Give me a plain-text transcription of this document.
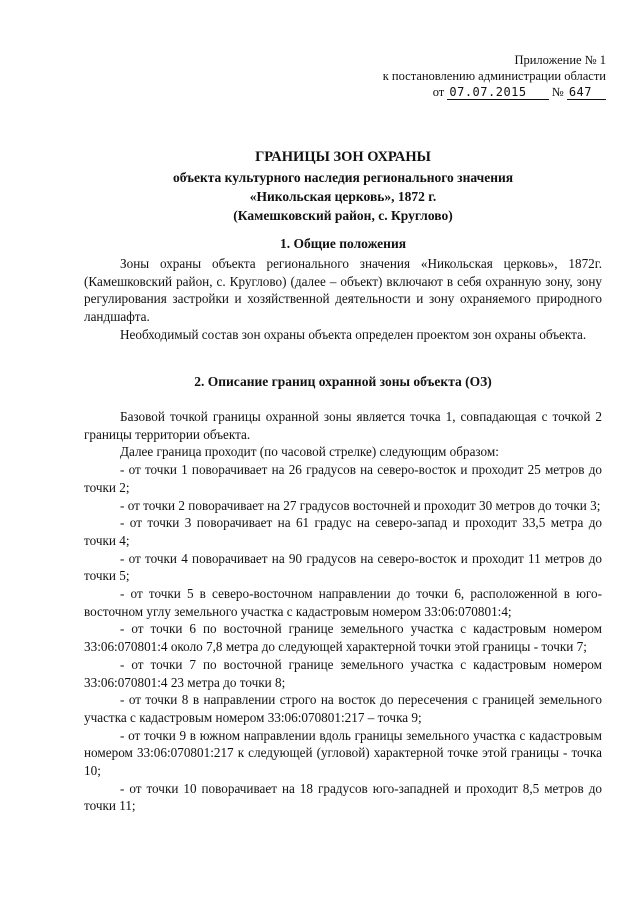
Приложение № 1
к постановлению администрации области
от 07.07.2015 № 647
ГРАНИЦЫ ЗОН ОХРАНЫ
объекта культурного наследия регионального значения
«Никольская церковь», 1872 г.
(Камешковский район, с. Круглово)
1. Общие положения

Зоны охраны объекта регионального значения «Никольская церковь», 1872г. (Камешковский район, с. Круглово) (далее – объект) включают в себя охранную зону, зону регулирования застройки и хозяйственной деятельности и зону охраняемого природного ландшафта.

Необходимый состав зон охраны объекта определен проектом зон охраны объекта.

2. Описание границ охранной зоны объекта (ОЗ)

Базовой точкой границы охранной зоны является точка 1, совпадающая с точкой 2 границы территории объекта.

Далее граница проходит (по часовой стрелке) следующим образом:

- от точки 1 поворачивает на 26 градусов на северо-восток и проходит 25 метров до точки 2;

- от точки 2 поворачивает на 27 градусов восточней и проходит 30 метров до точки 3;

- от точки 3 поворачивает на 61 градус на северо-запад и проходит 33,5 метра до точки 4;

- от точки 4 поворачивает на 90 градусов на северо-восток и проходит 11 метров до точки 5;

- от точки 5 в северо-восточном направлении до точки 6, расположенной в юго-восточном углу земельного участка с кадастровым номером 33:06:070801:4;

- от точки 6 по восточной границе земельного участка с кадастровым номером 33:06:070801:4 около 7,8 метра до следующей характерной точки этой границы - точки 7;

- от точки 7 по восточной границе земельного участка с кадастровым номером 33:06:070801:4 23 метра до точки 8;

- от точки 8 в направлении строго на восток до пересечения с границей земельного участка с кадастровым номером 33:06:070801:217 – точка 9;

- от точки 9 в южном направлении вдоль границы земельного участка с кадастровым номером 33:06:070801:217 к следующей (угловой) характерной точке этой границы - точка 10;

- от точки 10 поворачивает на 18 градусов юго-западней и проходит 8,5 метров до точки 11;
